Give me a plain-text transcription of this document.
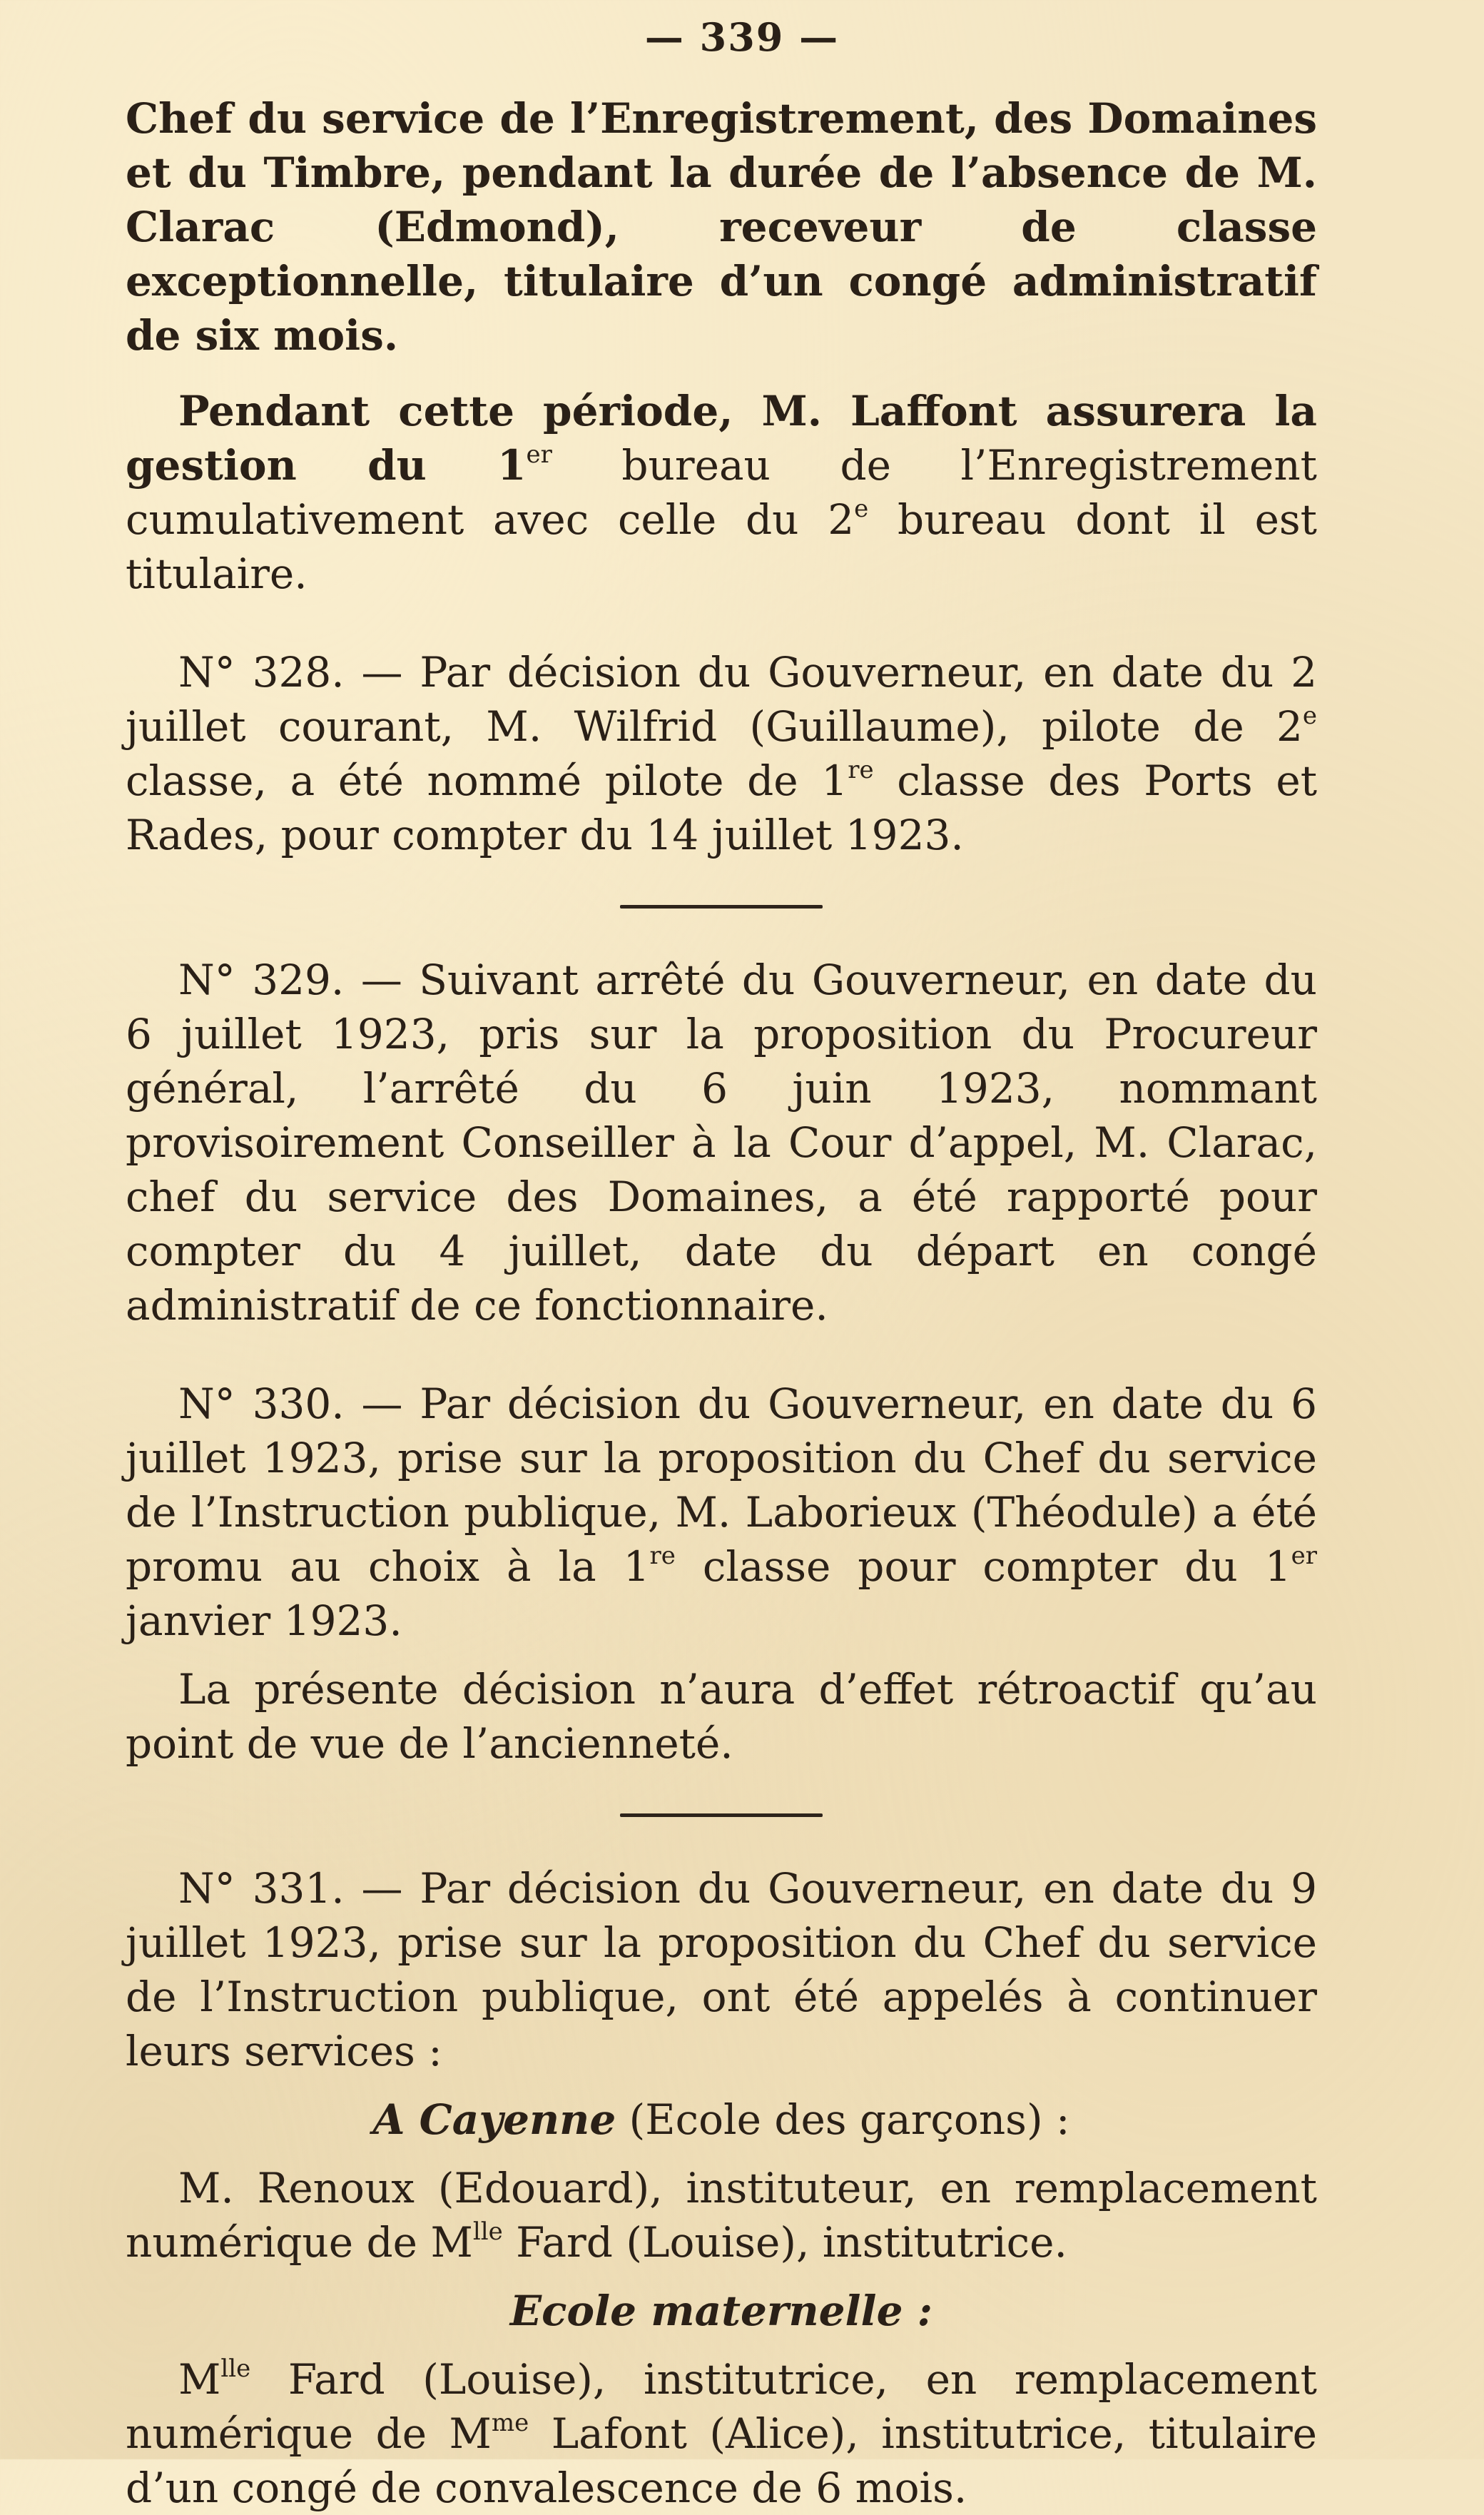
— 339 —

Chef du service de l’Enregistrement, des Domaines et du Timbre, pendant la durée de l’absence de M. Clarac (Edmond), receveur de classe exceptionnelle, titulaire d’un congé administratif de six mois.

Pendant cette période, M. Laffont assurera la gestion du 1er bureau de l’Enregistrement cumulativement avec celle du 2e bureau dont il est titulaire.

N° 328. — Par décision du Gouverneur, en date du 2 juillet courant, M. Wilfrid (Guillaume), pilote de 2e classe, a été nommé pilote de 1re classe des Ports et Rades, pour compter du 14 juillet 1923.

N° 329. — Suivant arrêté du Gouverneur, en date du 6 juillet 1923, pris sur la proposition du Procureur général, l’arrêté du 6 juin 1923, nommant provisoirement Conseiller à la Cour d’appel, M. Clarac, chef du service des Domaines, a été rapporté pour compter du 4 juillet, date du départ en congé administratif de ce fonctionnaire.

N° 330. — Par décision du Gouverneur, en date du 6 juillet 1923, prise sur la proposition du Chef du service de l’Instruction publique, M. Laborieux (Théodule) a été promu au choix à la 1re classe pour compter du 1er janvier 1923.

La présente décision n’aura d’effet rétroactif qu’au point de vue de l’ancienneté.

N° 331. — Par décision du Gouverneur, en date du 9 juillet 1923, prise sur la proposition du Chef du service de l’Instruction publique, ont été appelés à continuer leurs services :

A Cayenne (Ecole des garçons) :

M. Renoux (Edouard), instituteur, en remplacement numérique de $M^{lle}$ Fard (Louise), institutrice.

Ecole maternelle :

$M^{lle}$ Fard (Louise), institutrice, en remplacement numérique de $M^{me}$ Lafont (Alice), institutrice, titulaire d’un congé de convalescence de 6 mois.
